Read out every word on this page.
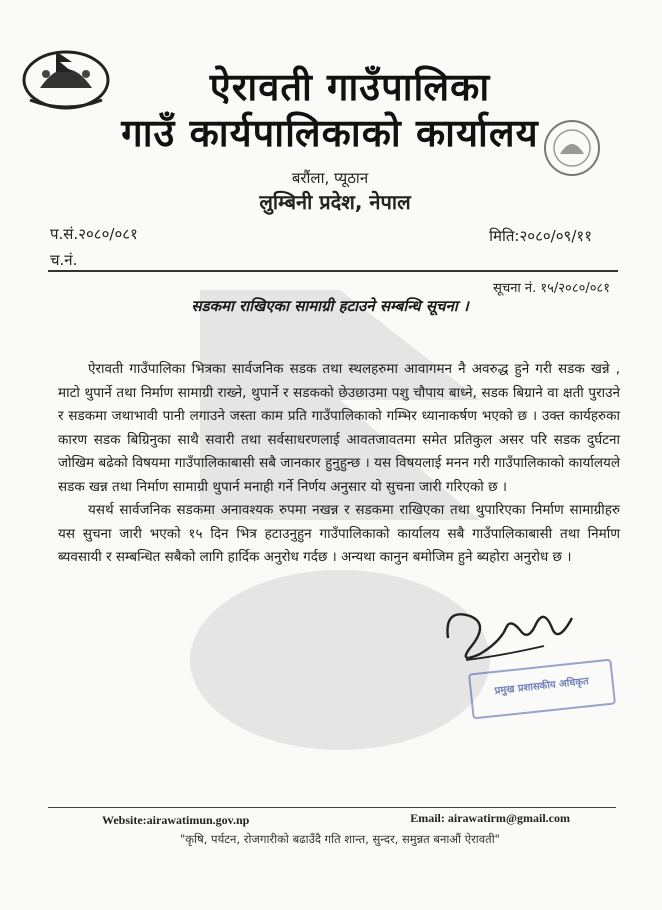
ऐरावती गाउँपालिका
गाउँ कार्यपालिकाको कार्यालय
बरौंला, प्यूठान
लुम्बिनी प्रदेश, नेपाल
प.सं.२०८०/०८१
च.नं.
मिति:२०८०/०९/११
सूचना नं. १५/२०८०/०८१
सडकमा राखिएका सामाग्री हटाउने सम्बन्धि सूचना ।

ऐरावती गाउँपालिका भित्रका सार्वजनिक सडक तथा स्थलहरुमा आवागमन नै अवरुद्ध हुने गरी सडक खन्ने , माटो थुपार्ने तथा निर्माण सामाग्री राख्ने, थुपार्ने र सडकको छेउछाउमा पशु चौपाय बाध्ने, सडक बिग्राने वा क्षती पुराउने र सडकमा जथाभावी पानी लगाउने जस्ता काम प्रति गाउँपालिकाको गम्भिर ध्यानाकर्षण भएको छ । उक्त कार्यहरुका कारण सडक बिग्रिनुका साथै सवारी तथा सर्वसाधरणलाई आवतजावतमा समेत प्रतिकुल असर परि सडक दुर्घटना जोखिम बढेको विषयमा गाउँपालिकाबासी सबै जानकार हुनुहुन्छ । यस विषयलाई मनन गरी गाउँपालिकाको कार्यालयले सडक खन्न तथा निर्माण सामाग्री थुपार्न मनाही गर्ने निर्णय अनुसार यो सुचना जारी गरिएको छ ।

यसर्थ सार्वजनिक सडकमा अनावश्यक रुपमा नखन्न र सडकमा राखिएका तथा थुपारिएका निर्माण सामाग्रीहरु यस सुचना जारी भएको १५ दिन भित्र हटाउनुहुन गाउँपालिकाको कार्यालय सबै गाउँपालिकाबासी तथा निर्माण ब्यवसायी र सम्बन्धित सबैको लागि हार्दिक अनुरोध गर्दछ । अन्यथा कानुन बमोजिम हुने ब्यहोरा अनुरोध छ ।

प्रमुख प्रशासकीय अधिकृत
Website:airawatimun.gov.np	Email: airawatirm@gmail.com
"कृषि, पर्यटन, रोजगारीको बढाउँदै गति शान्त, सुन्दर, समुन्नत बनाऔं ऐरावती"
